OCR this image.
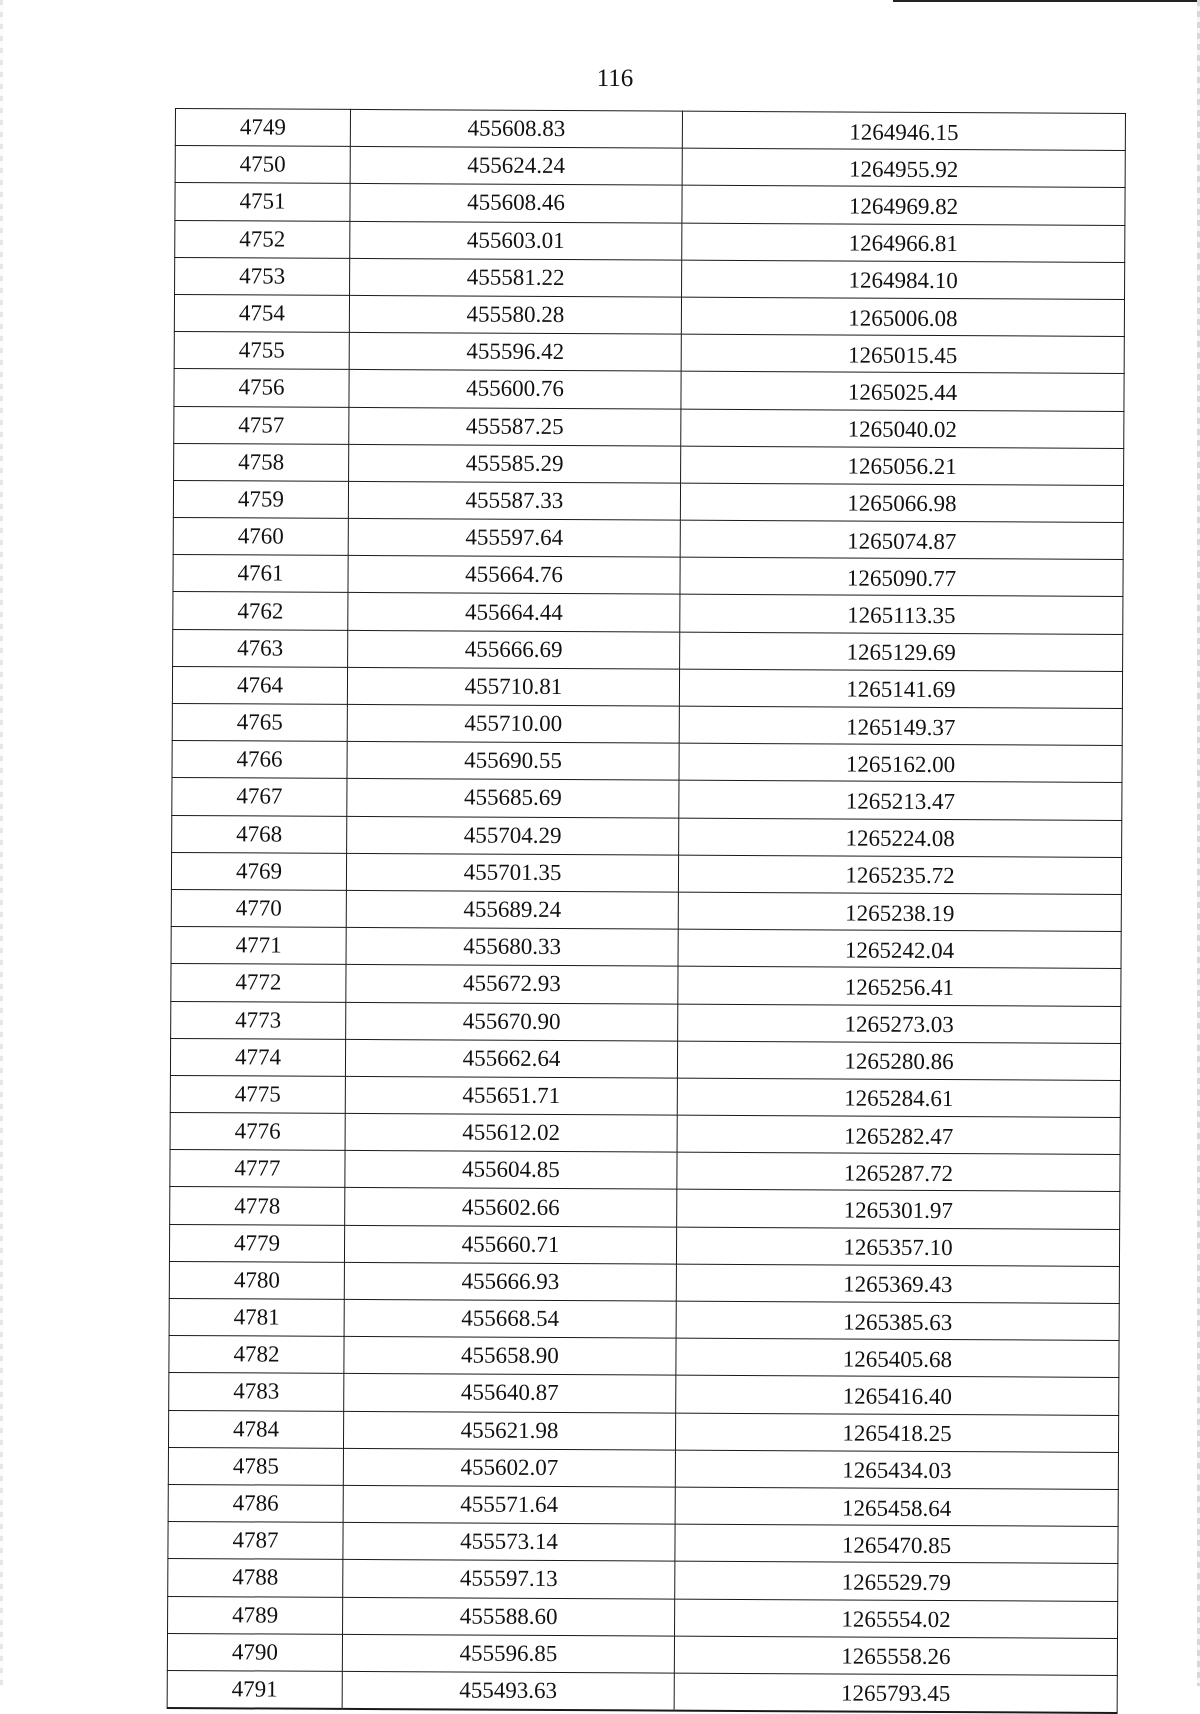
116
4749	455608.83	1264946.15
4750	455624.24	1264955.92
4751	455608.46	1264969.82
4752	455603.01	1264966.81
4753	455581.22	1264984.10
4754	455580.28	1265006.08
4755	455596.42	1265015.45
4756	455600.76	1265025.44
4757	455587.25	1265040.02
4758	455585.29	1265056.21
4759	455587.33	1265066.98
4760	455597.64	1265074.87
4761	455664.76	1265090.77
4762	455664.44	1265113.35
4763	455666.69	1265129.69
4764	455710.81	1265141.69
4765	455710.00	1265149.37
4766	455690.55	1265162.00
4767	455685.69	1265213.47
4768	455704.29	1265224.08
4769	455701.35	1265235.72
4770	455689.24	1265238.19
4771	455680.33	1265242.04
4772	455672.93	1265256.41
4773	455670.90	1265273.03
4774	455662.64	1265280.86
4775	455651.71	1265284.61
4776	455612.02	1265282.47
4777	455604.85	1265287.72
4778	455602.66	1265301.97
4779	455660.71	1265357.10
4780	455666.93	1265369.43
4781	455668.54	1265385.63
4782	455658.90	1265405.68
4783	455640.87	1265416.40
4784	455621.98	1265418.25
4785	455602.07	1265434.03
4786	455571.64	1265458.64
4787	455573.14	1265470.85
4788	455597.13	1265529.79
4789	455588.60	1265554.02
4790	455596.85	1265558.26
4791	455493.63	1265793.45
